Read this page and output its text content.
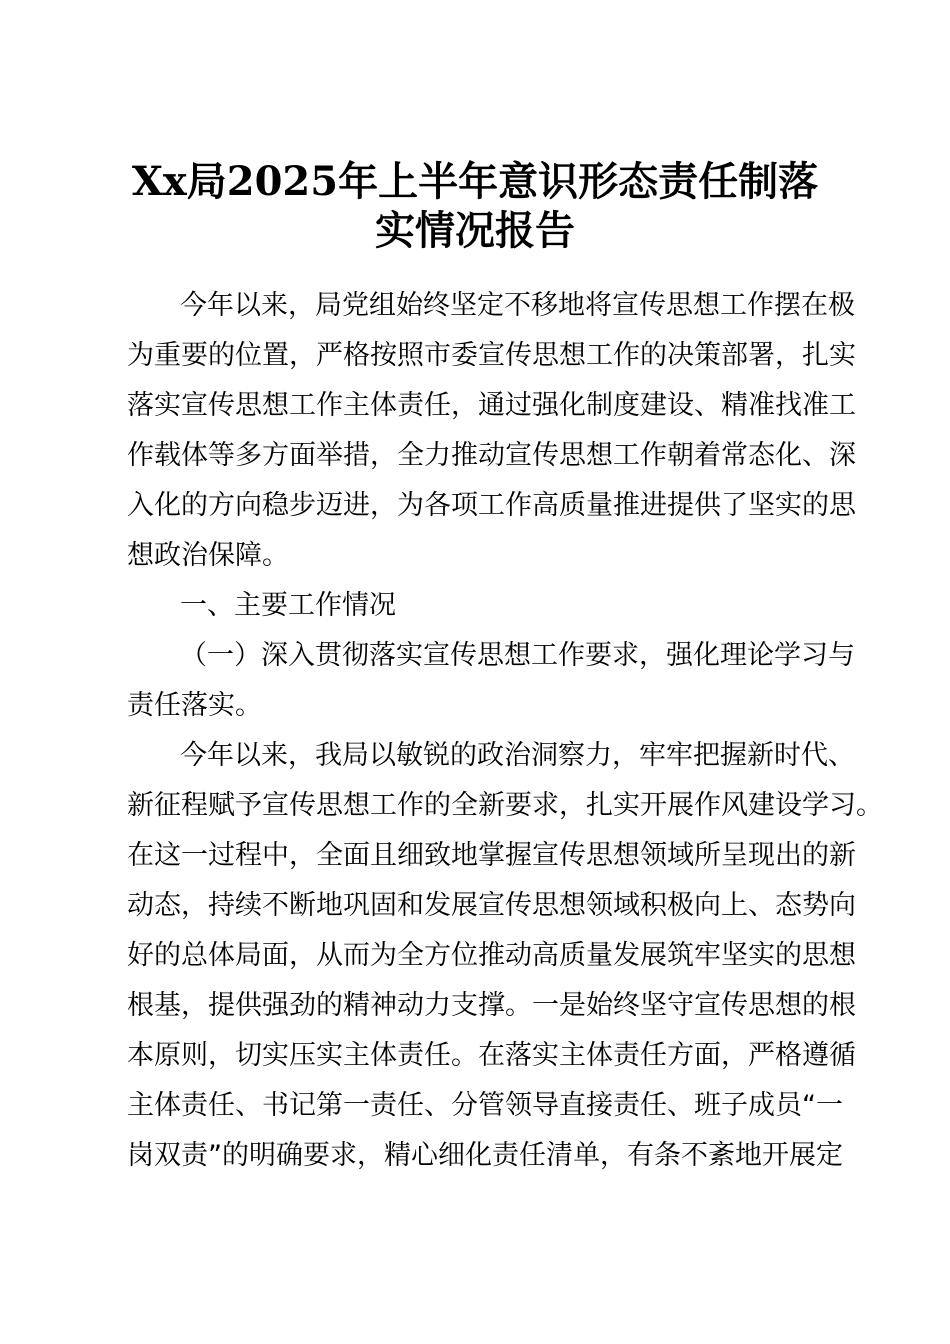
Xx局2025年上半年意识形态责任制落
实情况报告
今年以来，局党组始终坚定不移地将宣传思想工作摆在极
为重要的位置，严格按照市委宣传思想工作的决策部署，扎实
落实宣传思想工作主体责任，通过强化制度建设、精准找准工
作载体等多方面举措，全力推动宣传思想工作朝着常态化、深
入化的方向稳步迈进，为各项工作高质量推进提供了坚实的思
想政治保障。
一、主要工作情况
（一）深入贯彻落实宣传思想工作要求，强化理论学习与
责任落实。
今年以来，我局以敏锐的政治洞察力，牢牢把握新时代、
新征程赋予宣传思想工作的全新要求，扎实开展作风建设学习。
在这一过程中，全面且细致地掌握宣传思想领域所呈现出的新
动态，持续不断地巩固和发展宣传思想领域积极向上、态势向
好的总体局面，从而为全方位推动高质量发展筑牢坚实的思想
根基，提供强劲的精神动力支撑。一是始终坚守宣传思想的根
本原则，切实压实主体责任。在落实主体责任方面，严格遵循
主体责任、书记第一责任、分管领导直接责任、班子成员“一
岗双责”的明确要求，精心细化责任清单，有条不紊地开展定
